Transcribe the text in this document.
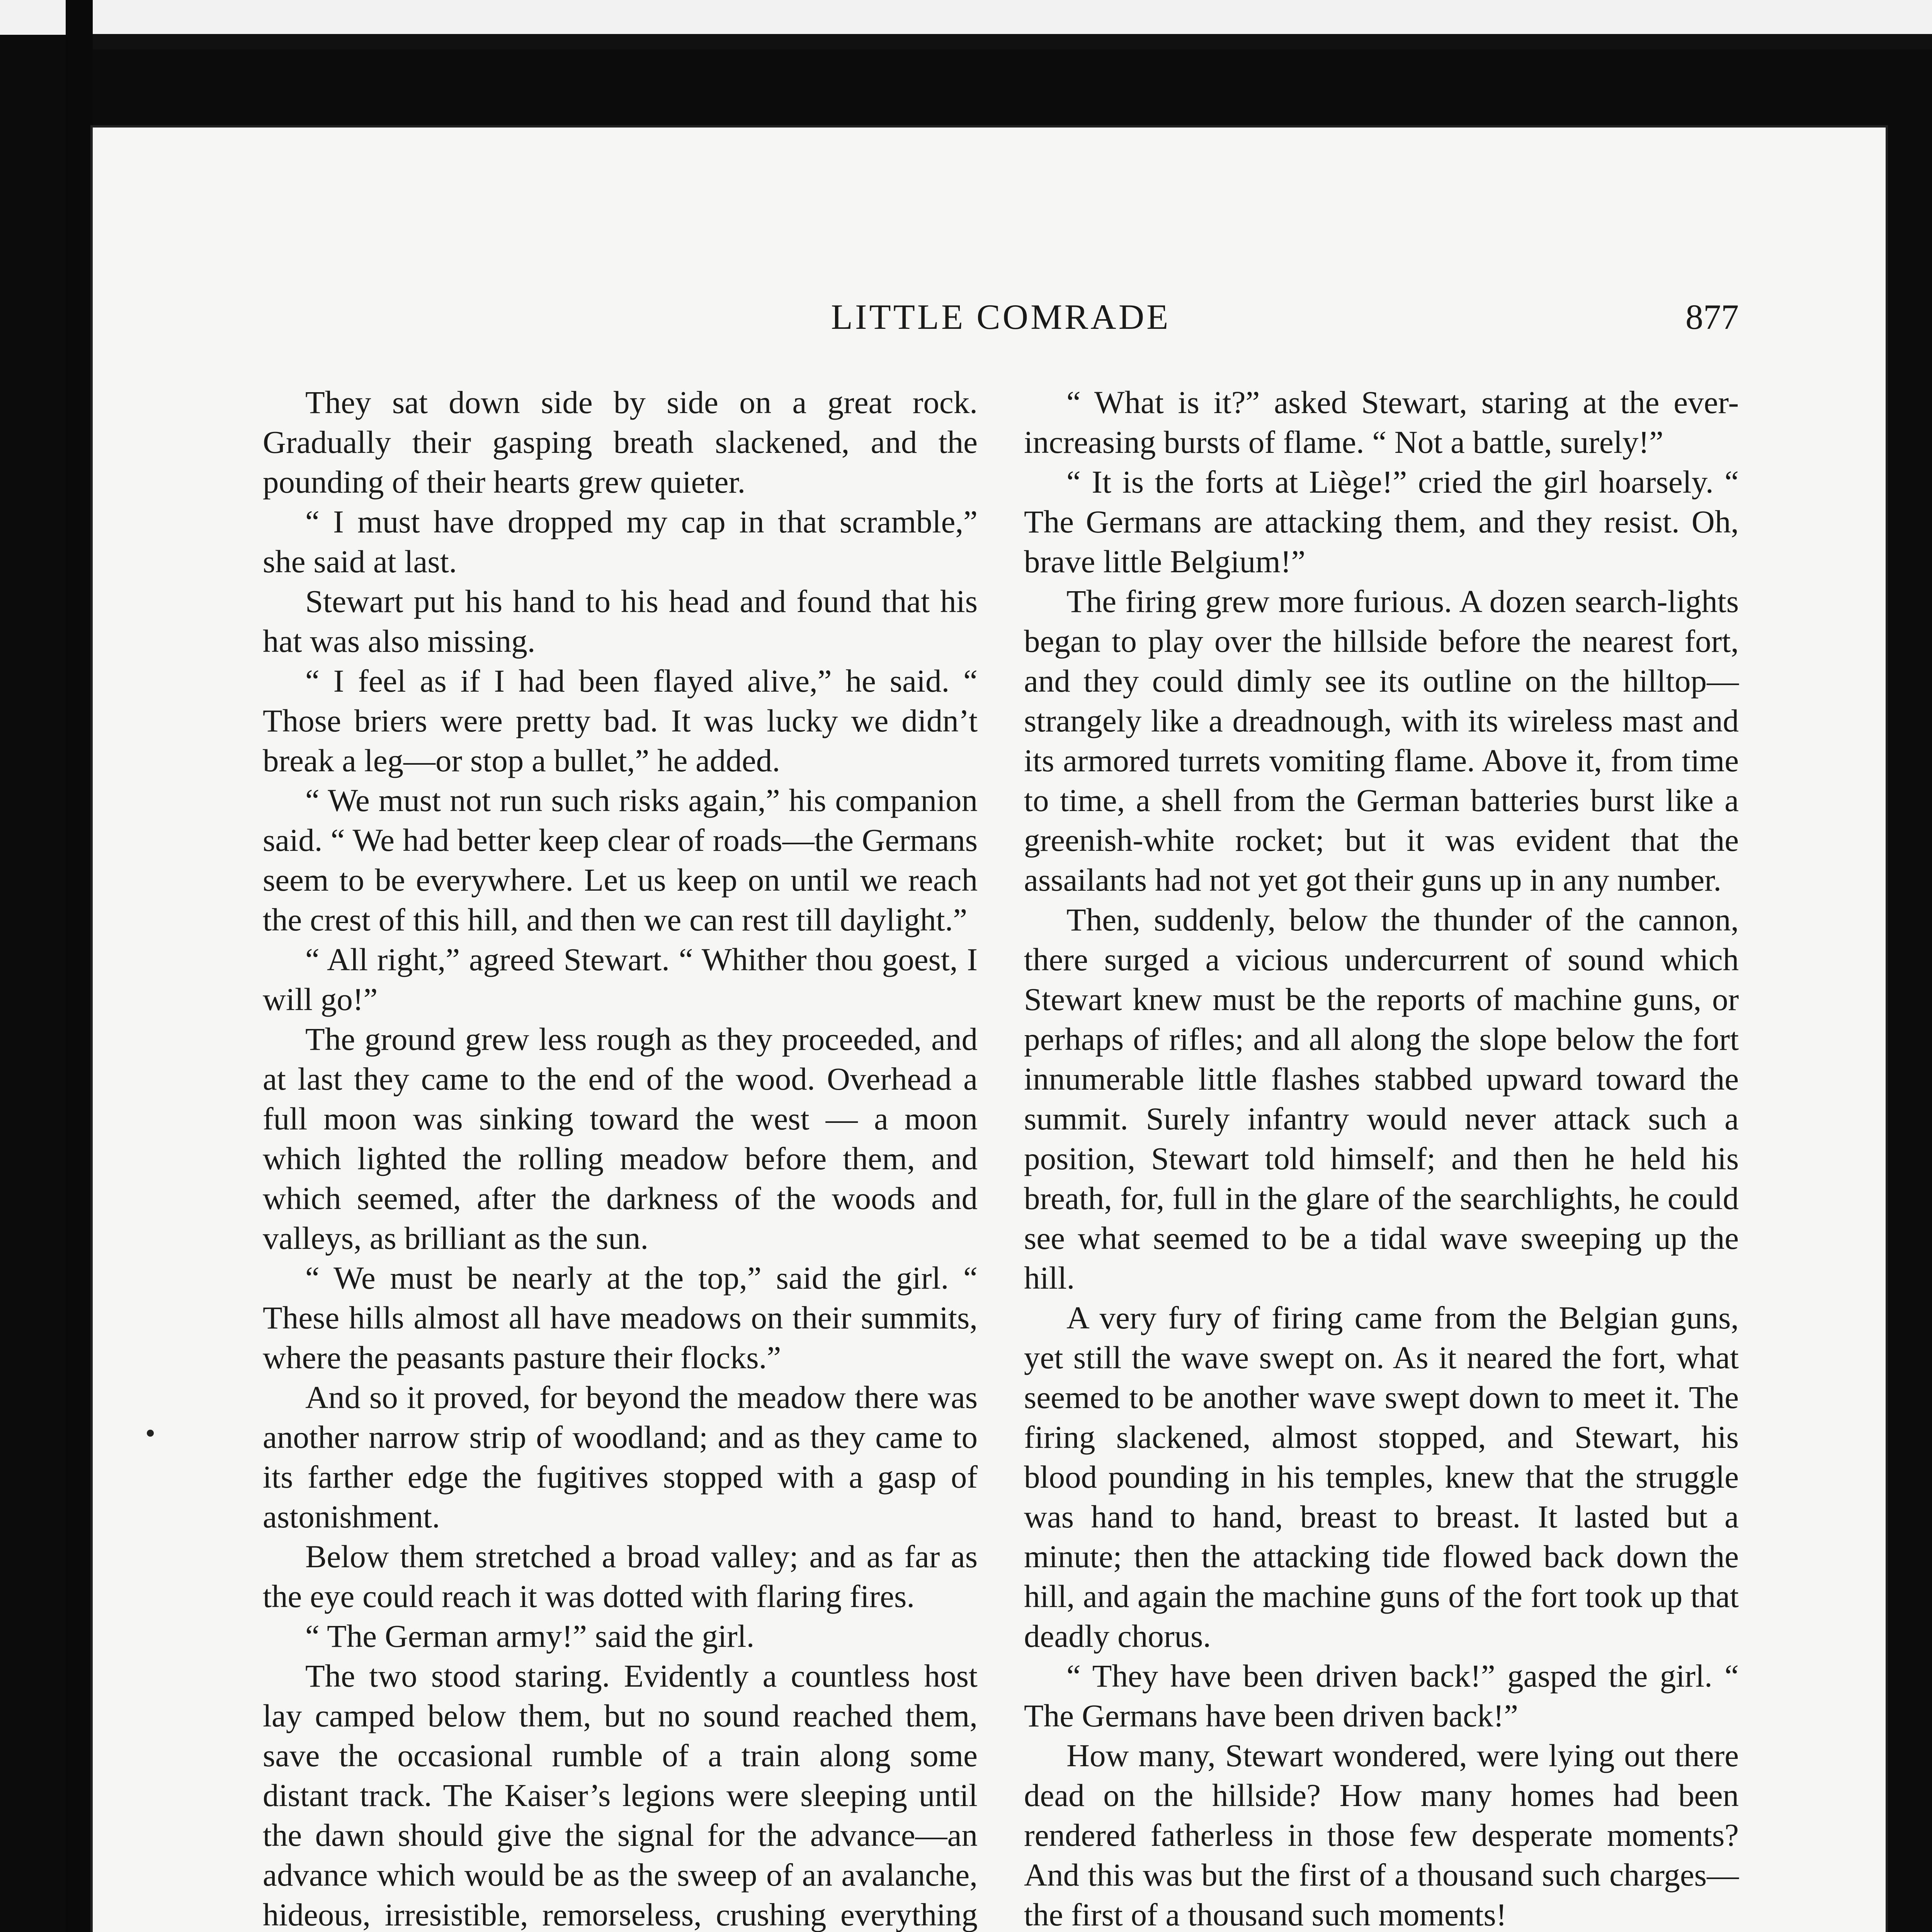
LITTLE COMRADE	877

They sat down side by side on a great rock. Gradually their gasping breath slackened, and the pounding of their hearts grew quieter.

“ I must have dropped my cap in that scramble,” she said at last.

Stewart put his hand to his head and found that his hat was also missing.

“ I feel as if I had been flayed alive,” he said. “ Those briers were pretty bad. It was lucky we didn’t break a leg—or stop a bullet,” he added.

“ We must not run such risks again,” his companion said. “ We had better keep clear of roads—the Germans seem to be everywhere. Let us keep on until we reach the crest of this hill, and then we can rest till daylight.”

“ All right,” agreed Stewart. “ Whither thou goest, I will go!”

The ground grew less rough as they proceeded, and at last they came to the end of the wood. Overhead a full moon was sinking toward the west — a moon which lighted the rolling meadow before them, and which seemed, after the darkness of the woods and valleys, as brilliant as the sun.

“ We must be nearly at the top,” said the girl. “ These hills almost all have meadows on their summits, where the peasants pasture their flocks.”

And so it proved, for beyond the meadow there was another narrow strip of woodland; and as they came to its farther edge the fugitives stopped with a gasp of astonishment.

Below them stretched a broad valley; and as far as the eye could reach it was dotted with flaring fires.

“ The German army!” said the girl.

The two stood staring. Evidently a countless host lay camped below them, but no sound reached them, save the occasional rumble of a train along some distant track. The Kaiser’s legions were sleeping until the dawn should give the signal for the advance—an advance which would be as the sweep of an avalanche, hideous, irresistible, remorseless, crushing everything

“ What is it?” asked Stewart, staring at the ever-increasing bursts of flame. “ Not a battle, surely!”

“ It is the forts at Liège!” cried the girl hoarsely. “ The Germans are attacking them, and they resist. Oh, brave little Belgium!”

The firing grew more furious. A dozen search-lights began to play over the hillside before the nearest fort, and they could dimly see its outline on the hilltop—strangely like a dreadnough, with its wireless mast and its armored turrets vomiting flame. Above it, from time to time, a shell from the German batteries burst like a greenish-white rocket; but it was evident that the assailants had not yet got their guns up in any number.

Then, suddenly, below the thunder of the cannon, there surged a vicious undercurrent of sound which Stewart knew must be the reports of machine guns, or perhaps of rifles; and all along the slope below the fort innumerable little flashes stabbed upward toward the summit. Surely infantry would never attack such a position, Stewart told himself; and then he held his breath, for, full in the glare of the searchlights, he could see what seemed to be a tidal wave sweeping up the hill.

A very fury of firing came from the Belgian guns, yet still the wave swept on. As it neared the fort, what seemed to be another wave swept down to meet it. The firing slackened, almost stopped, and Stewart, his blood pounding in his temples, knew that the struggle was hand to hand, breast to breast. It lasted but a minute; then the attacking tide flowed back down the hill, and again the machine guns of the fort took up that deadly chorus.

“ They have been driven back!” gasped the girl. “ The Germans have been driven back!”

How many, Stewart wondered, were lying out there dead on the hillside? How many homes had been rendered fatherless in those few desperate moments? And this was but the first of a thousand such charges—the first of a thousand such moments!
